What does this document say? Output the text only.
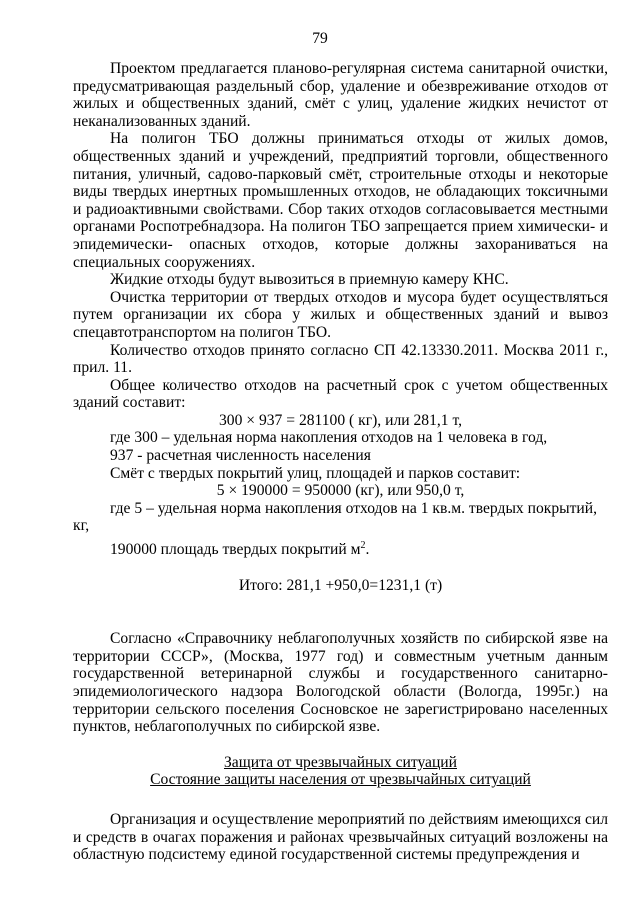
79

Проектом предлагается планово-регулярная система санитарной очистки, предусматривающая раздельный сбор, удаление и обезвреживание отходов от жилых и общественных зданий, смёт с улиц, удаление жидких нечистот от неканализованных зданий.

На полигон ТБО должны приниматься отходы от жилых домов, общественных зданий и учреждений, предприятий торговли, общественного питания, уличный, садово-парковый смёт, строительные отходы и некоторые виды твердых инертных промышленных отходов, не обладающих токсичными и радиоактивными свойствами. Сбор таких отходов согласовывается местными органами Роспотребнадзора. На полигон ТБО запрещается прием химически- и эпидемически- опасных отходов, которые должны захораниваться на специальных сооружениях.

Жидкие отходы будут вывозиться в приемную камеру КНС.

Очистка территории от твердых отходов и мусора будет осуществляться путем организации их сбора у жилых и общественных зданий и вывоз спецавтотранспортом на полигон ТБО.

Количество отходов принято согласно СП 42.13330.2011. Москва 2011 г., прил. 11.

Общее количество отходов на расчетный срок с учетом общественных зданий составит:

300 × 937 = 281100 ( кг), или 281,1 т,

где 300 – удельная норма накопления отходов на 1 человека в год,

937 - расчетная численность населения

Смёт с твердых покрытий улиц, площадей и парков составит:

5 × 190000 = 950000 (кг), или 950,0 т,

где 5 – удельная норма накопления отходов на 1 кв.м. твердых покрытий,

кг,

190000 площадь твердых покрытий $м^2$.

Итого: 281,1 +950,0=1231,1 (т)

Согласно «Справочнику неблагополучных хозяйств по сибирской язве на территории СССР», (Москва, 1977 год) и совместным учетным данным государственной ветеринарной службы и государственного санитарно-эпидемиологического надзора Вологодской области (Вологда, 1995г.) на территории сельского поселения Сосновское не зарегистрировано населенных пунктов, неблагополучных по сибирской язве.

Защита от чрезвычайных ситуаций

Состояние защиты населения от чрезвычайных ситуаций

Организация и осуществление мероприятий по действиям имеющихся сил и средств в очагах поражения и районах чрезвычайных ситуаций возложены на областную подсистему единой государственной системы предупреждения и
